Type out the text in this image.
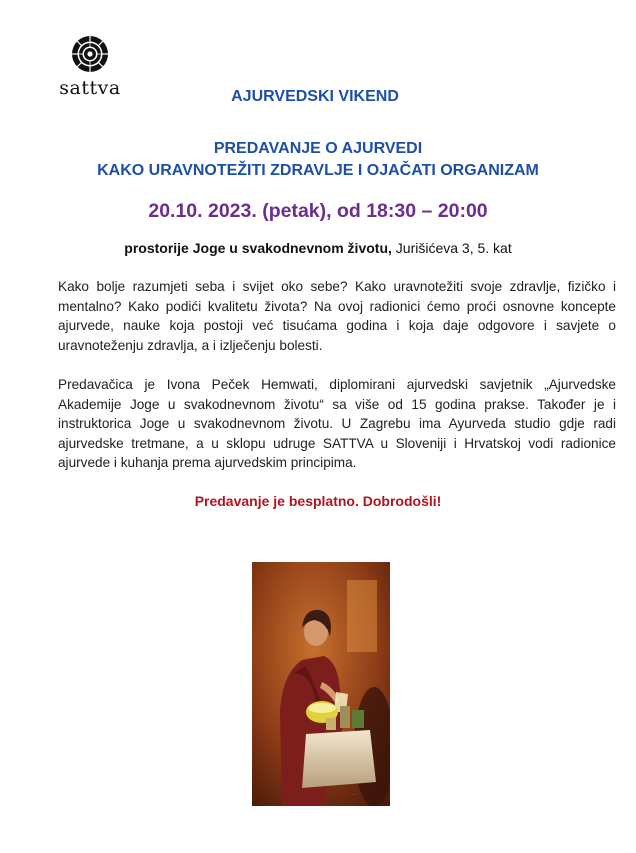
sattva	AJURVEDSKI VIKEND
PREDAVANJE O AJURVEDI
KAKO URAVNOTEŽITI ZDRAVLJE I OJAČATI ORGANIZAM
20.10. 2023. (petak), od 18:30 – 20:00
prostorije Joge u svakodnevnom životu, Jurišićeva 3, 5. kat
Kako bolje razumjeti seba i svijet oko sebe? Kako uravnotežiti svoje zdravlje, fizičko i mentalno? Kako podići kvalitetu života? Na ovoj radionici ćemo proći osnovne koncepte ajurvede, nauke koja postoji već tisućama godina i koja daje odgovore i savjete o uravnoteženju zdravlja, a i izlječenju bolesti.
Predavačica je Ivona Peček Hemwati, diplomirani ajurvedski savjetnik „Ajurvedske Akademije Joge u svakodnevnom životu“ sa više od 15 godina prakse. Također je i instruktorica Joge u svakodnevnom životu. U Zagrebu ima Ayurveda studio gdje radi ajurvedske tretmane, a u sklopu udruge SATTVA u Sloveniji i Hrvatskoj vodi radionice ajurvede i kuhanja prema ajurvedskim principima.
Predavanje je besplatno. Dobrodošli!
· · ·
